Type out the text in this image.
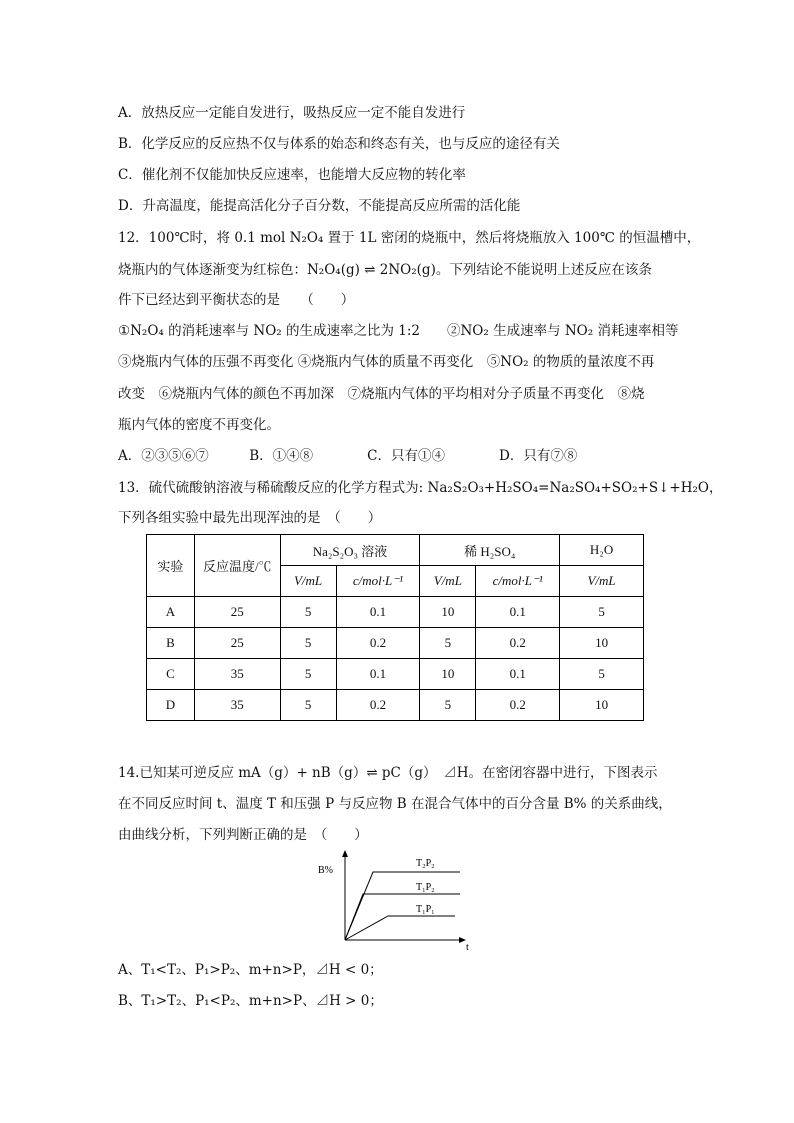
A．放热反应一定能自发进行，吸热反应一定不能自发进行
B．化学反应的反应热不仅与体系的始态和终态有关，也与反应的途径有关
C．催化剂不仅能加快反应速率，也能增大反应物的转化率
D．升高温度，能提高活化分子百分数，不能提高反应所需的活化能
12．100℃时，将 0.1 mol N₂O₄ 置于 1L 密闭的烧瓶中，然后将烧瓶放入 100℃ 的恒温槽中，
烧瓶内的气体逐渐变为红棕色：N₂O₄(g) ⇌ 2NO₂(g)。下列结论不能说明上述反应在该条
件下已经达到平衡状态的是　　（　　）
①N₂O₄ 的消耗速率与 NO₂ 的生成速率之比为 1:2　　②NO₂ 生成速率与 NO₂ 消耗速率相等
③烧瓶内气体的压强不再变化 ④烧瓶内气体的质量不再变化　⑤NO₂ 的物质的量浓度不再
改变　⑥烧瓶内气体的颜色不再加深　⑦烧瓶内气体的平均相对分子质量不再变化　⑧烧
瓶内气体的密度不再变化。
A．②③⑤⑥⑦　　　B．①④⑧　　　　C．只有①④　　　　D．只有⑦⑧
13．硫代硫酸钠溶液与稀硫酸反应的化学方程式为: Na₂S₂O₃+H₂SO₄=Na₂SO₄+SO₂+S↓+H₂O，
下列各组实验中最先出现浑浊的是　（　　）
实验	反应温度/℃	Na₂S₂O₃ 溶液		稀 H₂SO₄		H₂O
		V/mL	c/mol·L⁻¹	V/mL	c/mol·L⁻¹	V/mL
A	25	5	0.1	10	0.1	5
B	25	5	0.2	5	0.2	10
C	35	5	0.1	10	0.1	5
D	35	5	0.2	5	0.2	10
14.已知某可逆反应 mA（g）+ nB（g）⇌ pC（g）　⊿H。在密闭容器中进行，下图表示
在不同反应时间 t、温度 T 和压强 P 与反应物 B 在混合气体中的百分含量 B% 的关系曲线，
由曲线分析，下列判断正确的是　（　　）
B%
t
T₂P₂
T₁P₂
T₁P₁
A、T₁<T₂、P₁>P₂、m+n>P，⊿H < 0；
B、T₁>T₂、P₁<P₂、m+n>P、⊿H > 0；
